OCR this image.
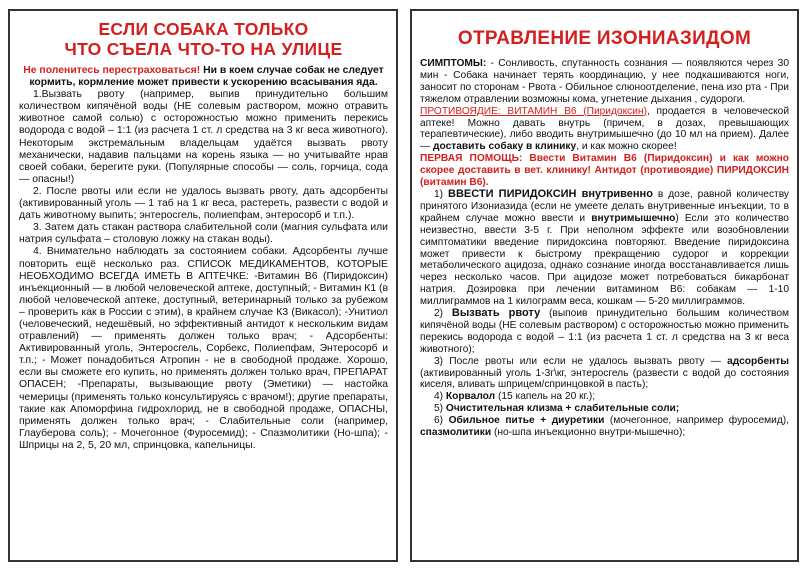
ЕСЛИ СОБАКА ТОЛЬКО
ЧТО СЪЕЛА ЧТО-ТО НА УЛИЦЕ

Не поленитесь перестраховаться! Ни в коем случае собак не следует кормить, кормление может привести к ускорению всасывания яда.

1.Вызвать рвоту (например, выпив принудительно большим количеством кипячёной воды (НЕ солевым раствором, можно отравить животное самой солью) с осторожностью можно применить перекись водорода с водой – 1:1 (из расчета 1 ст. л средства на 3 кг веса животного). Некоторым экстремальным владельцам удаётся вызвать рвоту механически, надавив пальцами на корень языка — но учитывайте нрав своей собаки, берегите руки. (Популярные способы — соль, горчица, сода — опасны!)

2. После рвоты или если не удалось вызвать рвоту, дать адсорбенты (активированный уголь — 1 таб на 1 кг веса, растереть, развести с водой и дать животному выпить; энтеросгель, полиепфам, энтеросорб и т.п.).

3. Затем дать стакан раствора слабительной соли (магния сульфата или натрия сульфата – столовую ложку на стакан воды).

4. Внимательно наблюдать за состоянием собаки. Адсорбенты лучше повторить ещё несколько раз. СПИСОК МЕДИКАМЕНТОВ, КОТОРЫЕ НЕОБХОДИМО ВСЕГДА ИМЕТЬ В АПТЕЧКЕ: -Витамин В6 (Пиридоксин) инъекционный — в любой человеческой аптеке, доступный; - Витамин К1 (в любой человеческой аптеке, доступный, ветеринарный только за рубежом – проверить как в России с этим), в крайнем случае К3 (Викасол); -Унитиол (человеческий, недешёвый, но эффективный антидот к нескольким видам отравлений) — применять должен только врач; - Адсорбенты: Активированный уголь, Энтеросгель, Сорбекс, Полиепфам, Энтеросорб и т.п.; - Может понадобиться Атропин - не в свободной продаже. Хорошо, если вы сможете его купить, но применять должен только врач, ПРЕПАРАТ ОПАСЕН; -Препараты, вызывающие рвоту (Эметики) — настойка чемерицы (применять только консультируясь с врачом!); другие препараты, такие как Апоморфина гидрохлорид, не в свободной продаже, ОПАСНЫ, применять должен только врач; - Слабительные соли (например, Глауберова соль); - Мочегонное (Фуросемид); - Спазмолитики (Но-шпа); - Шприцы на 2, 5, 20 мл, спринцовка, капельницы.

ОТРАВЛЕНИЕ ИЗОНИАЗИДОМ

СИМПТОМЫ: - Сонливость, спутанность сознания — появляются через 30 мин - Собака начинает терять координацию, у нее подкашиваются ноги, заносит по сторонам - Рвота - Обильное слюноотделение, пена изо рта - При тяжелом отравлении возможны кома, угнетение дыхания , судороги.

ПРОТИВОЯДИЕ: ВИТАМИН В6 (Пиридоксин), продается в человеческой аптеке! Можно давать внутрь (причем, в дозах, превышающих терапевтические), либо вводить внутримышечно (до 10 мл на прием). Далее — доставить собаку в клинику, и как можно скорее!

ПЕРВАЯ ПОМОЩЬ: Ввести Витамин В6 (Пиридоксин) и как можно скорее доставить в вет. клинику! Антидот (противоядие) ПИРИДОКСИН (витамин В6).

1) ВВЕСТИ ПИРИДОКСИН внутривенно в дозе, равной количеству принятого Изониазида (если не умеете делать внутривенные инъекции, то в крайнем случае можно ввести и внутримышечно) Если это количество неизвестно, ввести 3-5 г. При неполном эффекте или возобновлении симптоматики введение пиридоксина повторяют. Введение пиридоксина может привести к быстрому прекращению судорог и коррекции метаболического ацидоза, однако сознание иногда восстанавливается лишь через несколько часов. При ацидозе может потребоваться бикарбонат натрия. Дозировка при лечении витамином В6: собакам — 1-10 миллиграммов на 1 килограмм веса, кошкам — 5-20 миллиграммов.

2) Вызвать рвоту (выпоив принудительно большим количеством кипячёной воды (НЕ солевым раствором) с осторожностью можно применить перекись водорода с водой – 1:1 (из расчета 1 ст. л средства на 3 кг веса животного);

3) После рвоты или если не удалось вызвать рвоту — адсорбенты (активированный уголь 1-3г\кг, энтеросгель (развести с водой до состояния киселя, вливать шприцем/спринцовкой в пасть);

4) Корвалол (15 капель на 20 кг.);

5) Очистительная клизма + слабительные соли;

6) Обильное питье + диуретики (мочегонное, например фуросемид), спазмолитики (но-шпа инъекционно внутри-мышечно);
